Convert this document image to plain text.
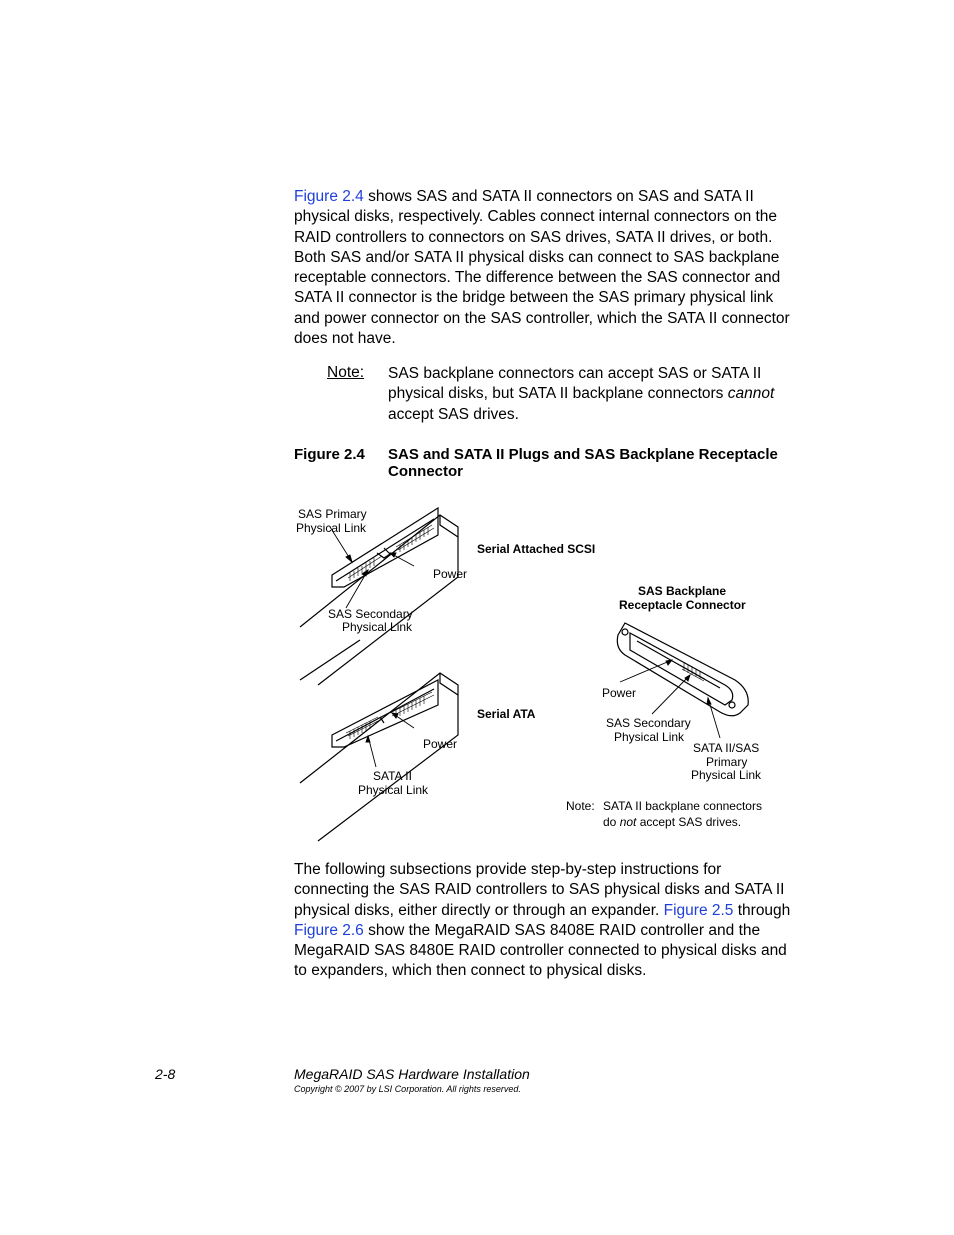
Figure 2.4 shows SAS and SATA II connectors on SAS and SATA II physical disks, respectively. Cables connect internal connectors on the RAID controllers to connectors on SAS drives, SATA II drives, or both. Both SAS and/or SATA II physical disks can connect to SAS backplane receptable connectors. The difference between the SAS connector and SATA II connector is the bridge between the SAS primary physical link and power connector on the SAS controller, which the SATA II connector does not have.

Note: SAS backplane connectors can accept SAS or SATA II physical disks, but SATA II backplane connectors cannot accept SAS drives.

Figure 2.4 SAS and SATA II Plugs and SAS Backplane Receptacle Connector
SAS Primary
Physical Link
Serial Attached SCSI
Power
SAS Secondary
Physical Link
Serial ATA
Power
SATA II
Physical Link
SAS Backplane
Receptacle Connector
Power
SAS Secondary
Physical Link
SATA II/SAS
Primary
Physical Link
Note: SATA II backplane connectors
do not accept SAS drives.

The following subsections provide step-by-step instructions for connecting the SAS RAID controllers to SAS physical disks and SATA II physical disks, either directly or through an expander. Figure 2.5 through Figure 2.6 show the MegaRAID SAS 8408E RAID controller and the MegaRAID SAS 8480E RAID controller connected to physical disks and to expanders, which then connect to physical disks.

2-8	MegaRAID SAS Hardware Installation
Copyright © 2007 by LSI Corporation. All rights reserved.
